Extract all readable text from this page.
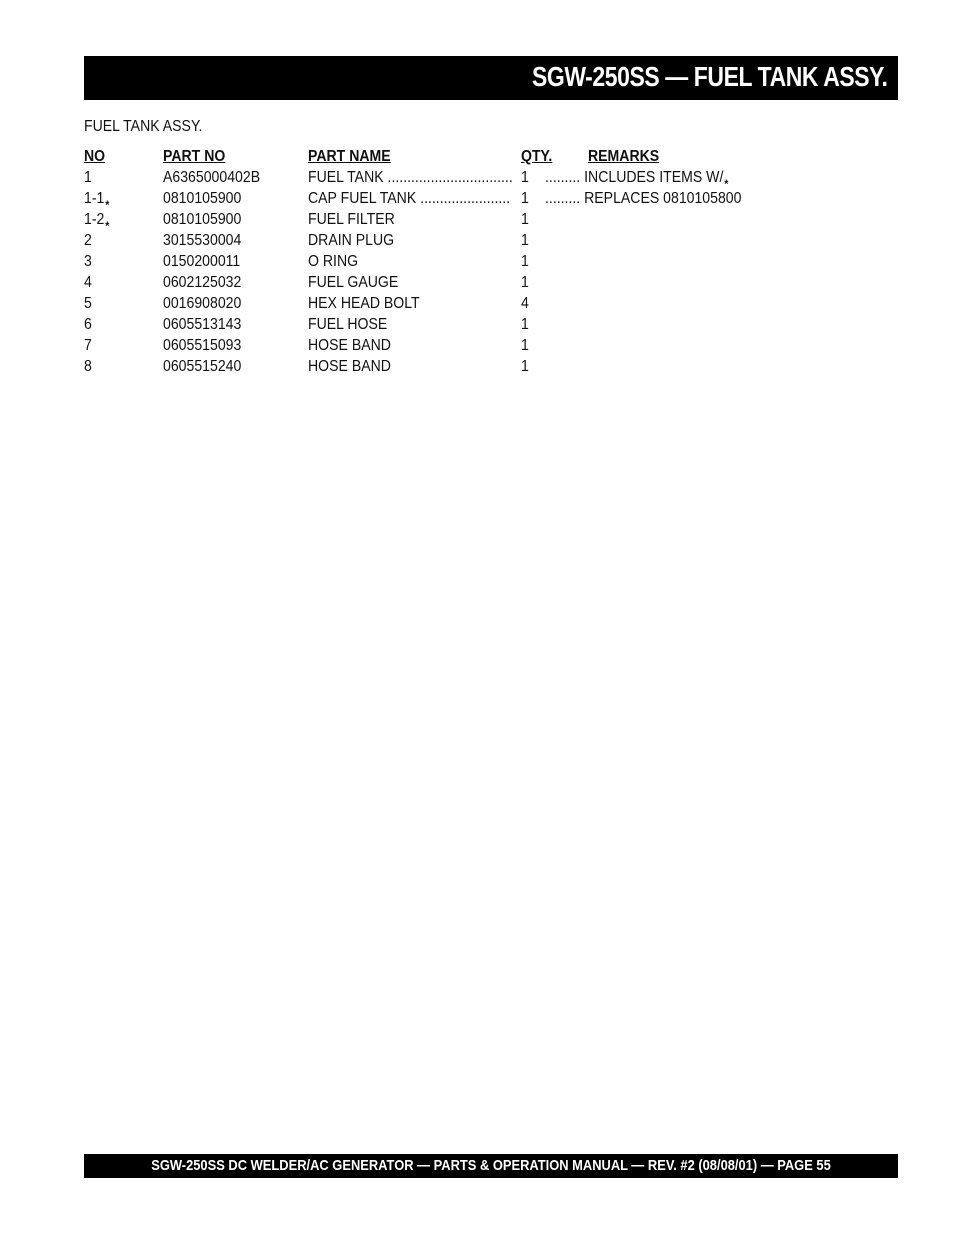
SGW-250SS — FUEL TANK ASSY.
FUEL TANK ASSY.
NO	PART NO	PART NAME	QTY. REMARKS
1	A6365000402B	FUEL TANK ................................ 1 ......... INCLUDES ITEMS $W/_*$
$1-1_*$	0810105900	CAP FUEL TANK ....................... 1 ......... REPLACES 0810105800
$1-2_*$	0810105900	FUEL FILTER	1
2	3015530004	DRAIN PLUG	1
3	0150200011	O RING	1
4	0602125032	FUEL GAUGE	1
5	0016908020	HEX HEAD BOLT	4
6	0605513143	FUEL HOSE	1
7	0605515093	HOSE BAND	1
8	0605515240	HOSE BAND	1
SGW-250SS DC WELDER/AC GENERATOR — PARTS & OPERATION MANUAL — REV. #2 (08/08/01) — PAGE 55
